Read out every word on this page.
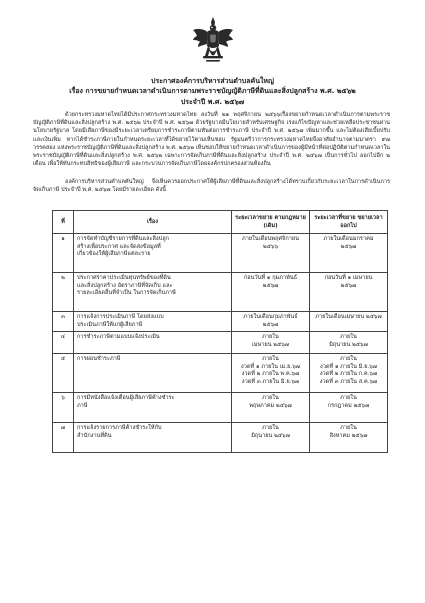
ประกาศองค์การบริหารส่วนตำบลคันใหญ่
เรื่อง การขยายกำหนดเวลาดำเนินการตามพระราชบัญญัติภาษีที่ดินและสิ่งปลูกสร้าง พ.ศ. ๒๕๖๒
ประจำปี พ.ศ. ๒๕๖๗

ด้วยกระทรวงมหาดไทยได้มีประกาศกระทรวงมหาดไทย ลงวันที่ ๒๑ พฤศจิกายน ๒๕๖๖เรื่องขยายกำหนดเวลาดำเนินการตามพระราชบัญญัติภาษีที่ดินและสิ่งปลูกสร้าง พ.ศ. ๒๕๖๒ ประจำปี พ.ศ. ๒๕๖๗ ด้วยรัฐบาลมีนโยบายสำหรับเศรษฐกิจ เร่งแก้ไขปัญหาและช่วยเหลือประชาชนผ่านนโยบายรัฐบาล โดยมีเสียภาษีของมีระยะเวลาเตรียมการชำระภาษีตามทันต่อการชำระภาษี ประจำปี พ.ศ. ๒๕๖๗ เพิ่มมากขึ้น และไม่ต้องเสียเบี้ยปรับและเงินเพิ่ม หากได้ชำระภาษีภายในกำหนดระยะเวลาที่ได้ขยายไว้ตามเห็นชอบ รัฐมนตรีว่าการกระทรวงมหาดไทยจึงอาศัยอำนาจตามมาตรา ๙๗ วรรคสอง แห่งพระราชบัญญัติภาษีที่ดินและสิ่งปลูกสร้าง พ.ศ. ๒๕๖๒ เห็นชอบให้ขยายกำหนดเวลาดำเนินการของผู้มีหน้าที่ต่อปฏิบัติตามกำหนดเวลาในพระราชบัญญัติภาษีที่ดินและสิ่งปลูกสร้าง พ.ศ. ๒๕๖๒ เฉพาะการจัดเก็บภาษีที่ดินและสิ่งปลูกสร้าง ประจำปี พ.ศ. ๒๕๖๗ เป็นการทั่วไป ออกไปอีก ๒ เดือน เพื่อให้ทันกระทบสิทธิของผู้เสียภาษี และกระบวนการจัดเก็บภาษีโดยองค์กรปกครองส่วนท้องถิ่น

องค์การบริหารส่วนตำบลคันใหญ่ จึงเห็นควรออกประกาศให้ผู้เสียภาษีที่ดินและสิ่งปลูกสร้างได้ทราบเกี่ยวกับระยะเวลาในการดำเนินการจัดเก็บภาษี ประจำปี พ.ศ. ๒๕๖๗ โดยมีรายละเอียด ดังนี้

ที่	เรื่อง	ระยะเวลาขยาย ตามกฎหมาย (เดิม)	ระยะเวลาที่ขยาย ขยายเวลาออกไป
๑	การจัดทำบัญชีรายการที่ดินและสิ่งปลูก
สร้างเพื่อประกาศ และจัดส่งข้อมูลที่
เกี่ยวข้องให้ผู้เสียภาษีแต่ละราย	ภายในเดือนพฤศจิกายน
๒๕๖๖	ภายในเดือนมกราคม
๒๕๖๗

๒	ประกาศราคาประเมินทุนทรัพย์ของที่ดิน
และสิ่งปลูกสร้าง อัตราภาษีที่จัดเก็บ และ
รายละเอียดอื่นที่จำเป็น ในการจัดเก็บภาษี	ก่อนวันที่ ๑ กุมภาพันธ์
๒๕๖๗	ก่อนวันที่ ๑ เมษายน
๒๕๖๗

๓	การแจ้งการประเมินภาษี โดยส่งแบบ
ประเมินภาษีให้แก่ผู้เสียภาษี	ภายในเดือนกุมภาพันธ์
๒๕๖๗	ภายในเดือนเมษายน ๒๕๖๗

๔	การชำระภาษีตามแบบแจ้งประเมิน	ภายใน
เมษายน ๒๕๖๗	ภายใน
มิถุนายน ๒๕๖๗

๕	การผ่อนชำระภาษี	ภายใน
งวดที่ ๑ ภายใน เม.ย.๖๗
งวดที่ ๒ ภายใน พ.ค.๖๗
งวดที่ ๓ ภายใน มิ.ย.๖๗	ภายใน
งวดที่ ๑ ภายใน มิ.ย.๖๗
งวดที่ ๒ ภายใน ก.ค.๖๗
งวดที่ ๓ ภายใน ส.ค.๖๗

๖	การมีหนังสือแจ้งเตือนผู้เสียภาษีค้างชำระ
ภาษี	ภายใน
พฤษภาคม ๒๕๖๗	ภายใน
กรกฎาคม ๒๕๖๗

๗	การแจ้งรายการภาษีค้างชำระให้กับ
สำนักงานที่ดิน	ภายใน
มิถุนายน ๒๕๖๗	ภายใน
สิงหาคม ๒๕๖๗
